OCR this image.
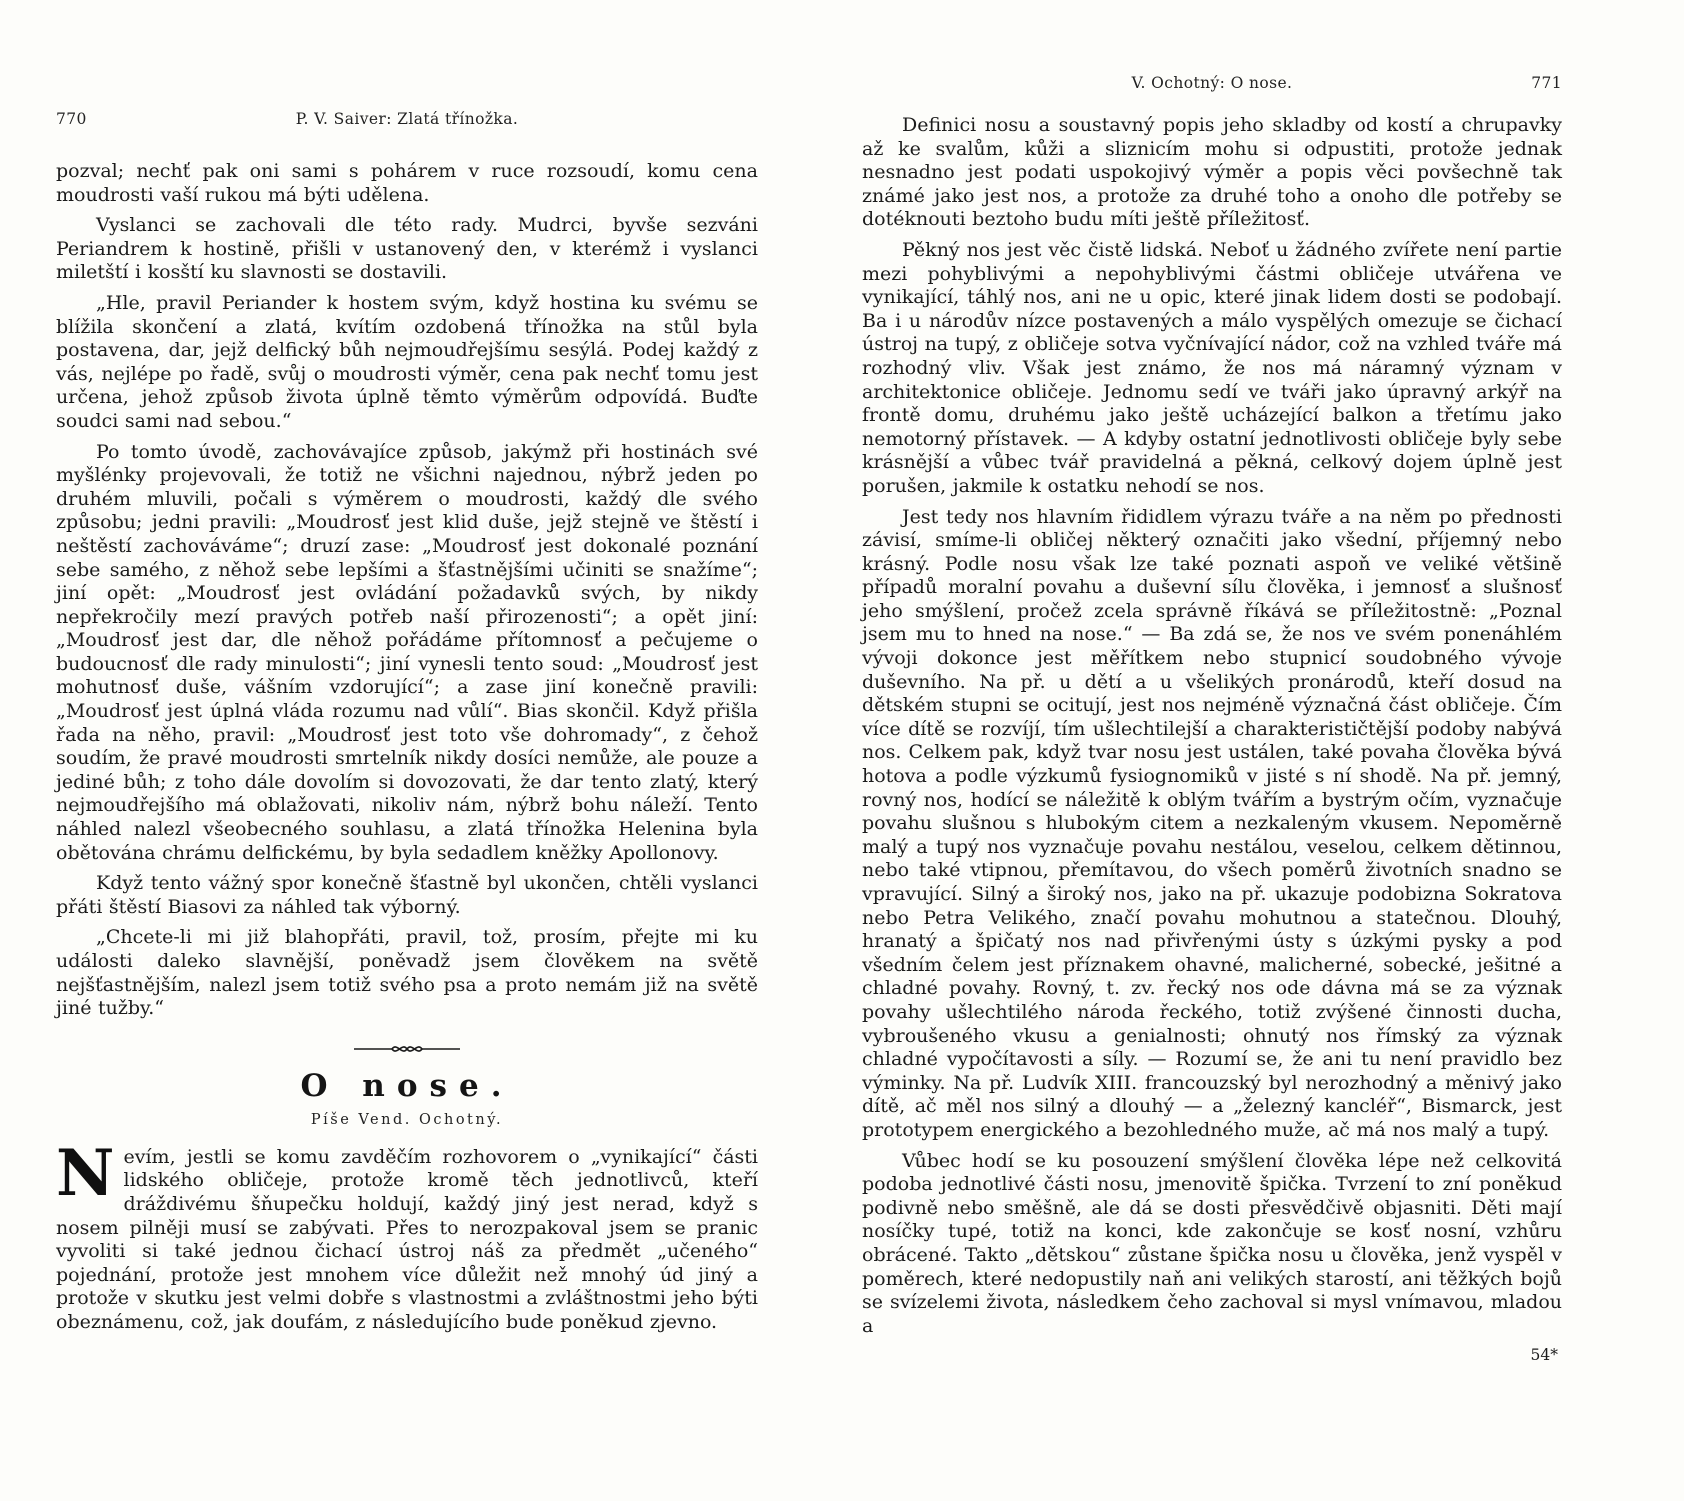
770	P. V. Saiver: Zlatá třínožka.

pozval; nechť pak oni sami s pohárem v ruce rozsoudí, komu cena moudrosti vaší rukou má býti udělena.

Vyslanci se zachovali dle této rady. Mudrci, byvše sezváni Periandrem k hostině, přišli v ustanovený den, v kterémž i vyslanci miletští i kosští ku slavnosti se dostavili.

„Hle, pravil Periander k hostem svým, když hostina ku svému se blížila skončení a zlatá, kvítím ozdobená třínožka na stůl byla postavena, dar, jejž delfický bůh nejmoudřejšímu sesýlá. Podej každý z vás, nejlépe po řadě, svůj o moudrosti výměr, cena pak nechť tomu jest určena, jehož způsob života úplně těmto výměrům odpovídá. Buďte soudci sami nad sebou.“

Po tomto úvodě, zachovávajíce způsob, jakýmž při hostinách své myšlénky projevovali, že totiž ne všichni najednou, nýbrž jeden po druhém mluvili, počali s výměrem o moudrosti, každý dle svého způsobu; jedni pravili: „Moudrosť jest klid duše, jejž stejně ve štěstí i neštěstí zachováváme“; druzí zase: „Moudrosť jest dokonalé poznání sebe samého, z něhož sebe lepšími a šťastnějšími učiniti se snažíme“; jiní opět: „Moudrosť jest ovládání požadavků svých, by nikdy nepřekročily mezí pravých potřeb naší přirozenosti“; a opět jiní: „Moudrosť jest dar, dle něhož pořádáme přítomnosť a pečujeme o budoucnosť dle rady minulosti“; jiní vynesli tento soud: „Moudrosť jest mohutnosť duše, vášním vzdorující“; a zase jiní konečně pravili: „Moudrosť jest úplná vláda rozumu nad vůlí“. Bias skončil. Když přišla řada na něho, pravil: „Moudrosť jest toto vše dohromady“, z čehož soudím, že pravé moudrosti smrtelník nikdy dosíci nemůže, ale pouze a jediné bůh; z toho dále dovolím si dovozovati, že dar tento zlatý, který nejmoudřejšího má oblažovati, nikoliv nám, nýbrž bohu náleží. Tento náhled nalezl všeobecného souhlasu, a zlatá třínožka Helenina byla obětována chrámu delfickému, by byla sedadlem kněžky Apollonovy.

Když tento vážný spor konečně šťastně byl ukončen, chtěli vyslanci přáti štěstí Biasovi za náhled tak výborný.

„Chcete-li mi již blahopřáti, pravil, tož, prosím, přejte mi ku události daleko slavnější, poněvadž jsem člověkem na světě nejšťastnějším, nalezl jsem totiž svého psa a proto nemám již na světě jiné tužby.“

O nose.
Píše Vend. Ochotný.

Nevím, jestli se komu zavděčím rozhovorem o „vynikající“ části lidského obličeje, protože kromě těch jednotlivců, kteří dráždivému šňupečku holdují, každý jiný jest nerad, když s nosem pilněji musí se zabývati. Přes to nerozpakoval jsem se pranic vyvoliti si také jednou čichací ústroj náš za předmět „učeného“ pojednání, protože jest mnohem více důležit než mnohý úd jiný a protože v skutku jest velmi dobře s vlastnostmi a zvláštnostmi jeho býti obeznámenu, což, jak doufám, z následujícího bude poněkud zjevno.

V. Ochotný: O nose.	771

Definici nosu a soustavný popis jeho skladby od kostí a chrupavky až ke svalům, kůži a sliznicím mohu si odpustiti, protože jednak nesnadno jest podati uspokojivý výměr a popis věci povšechně tak známé jako jest nos, a protože za druhé toho a onoho dle potřeby se dotéknouti beztoho budu míti ještě příležitosť.

Pěkný nos jest věc čistě lidská. Neboť u žádného zvířete není partie mezi pohyblivými a nepohyblivými částmi obličeje utvářena ve vynikající, táhlý nos, ani ne u opic, které jinak lidem dosti se podobají. Ba i u národův nízce postavených a málo vyspělých omezuje se čichací ústroj na tupý, z obličeje sotva vyčnívající nádor, což na vzhled tváře má rozhodný vliv. Však jest známo, že nos má náramný význam v architektonice obličeje. Jednomu sedí ve tváři jako úpravný arkýř na frontě domu, druhému jako ještě ucházející balkon a třetímu jako nemotorný přístavek. — A kdyby ostatní jednotlivosti obličeje byly sebe krásnější a vůbec tvář pravidelná a pěkná, celkový dojem úplně jest porušen, jakmile k ostatku nehodí se nos.

Jest tedy nos hlavním řididlem výrazu tváře a na něm po přednosti závisí, smíme-li obličej některý označiti jako všední, příjemný nebo krásný. Podle nosu však lze také poznati aspoň ve veliké většině případů moralní povahu a duševní sílu člověka, i jemnosť a slušnosť jeho smýšlení, pročež zcela správně říkává se příležitostně: „Poznal jsem mu to hned na nose.“ — Ba zdá se, že nos ve svém ponenáhlém vývoji dokonce jest měřítkem nebo stupnicí soudobného vývoje duševního. Na př. u dětí a u všelikých pronárodů, kteří dosud na dětském stupni se ocitují, jest nos nejméně význačná část obličeje. Čím více dítě se rozvíjí, tím ušlechtilejší a charakterističtější podoby nabývá nos. Celkem pak, když tvar nosu jest ustálen, také povaha člověka bývá hotova a podle výzkumů fysiognomiků v jisté s ní shodě. Na př. jemný, rovný nos, hodící se náležitě k oblým tvářím a bystrým očím, vyznačuje povahu slušnou s hlubokým citem a nezkaleným vkusem. Nepoměrně malý a tupý nos vyznačuje povahu nestálou, veselou, celkem dětinnou, nebo také vtipnou, přemítavou, do všech poměrů životních snadno se vpravující. Silný a široký nos, jako na př. ukazuje podobizna Sokratova nebo Petra Velikého, značí povahu mohutnou a statečnou. Dlouhý, hranatý a špičatý nos nad přivřenými ústy s úzkými pysky a pod všedním čelem jest příznakem ohavné, malicherné, sobecké, ješitné a chladné povahy. Rovný, t. zv. řecký nos ode dávna má se za význak povahy ušlechtilého národa řeckého, totiž zvýšené činnosti ducha, vybroušeného vkusu a genialnosti; ohnutý nos římský za význak chladné vypočítavosti a síly. — Rozumí se, že ani tu není pravidlo bez výminky. Na př. Ludvík XIII. francouzský byl nerozhodný a měnivý jako dítě, ač měl nos silný a dlouhý — a „železný kancléř“, Bismarck, jest prototypem energického a bezohledného muže, ač má nos malý a tupý.

Vůbec hodí se ku posouzení smýšlení člověka lépe než celkovitá podoba jednotlivé části nosu, jmenovitě špička. Tvrzení to zní poněkud podivně nebo směšně, ale dá se dosti přesvědčivě objasniti. Děti mají nosíčky tupé, totiž na konci, kde zakončuje se kosť nosní, vzhůru obrácené. Takto „dětskou“ zůstane špička nosu u člověka, jenž vyspěl v poměrech, které nedopustily naň ani velikých starostí, ani těžkých bojů se svízelemi života, následkem čeho zachoval si mysl vnímavou, mladou a

54*
